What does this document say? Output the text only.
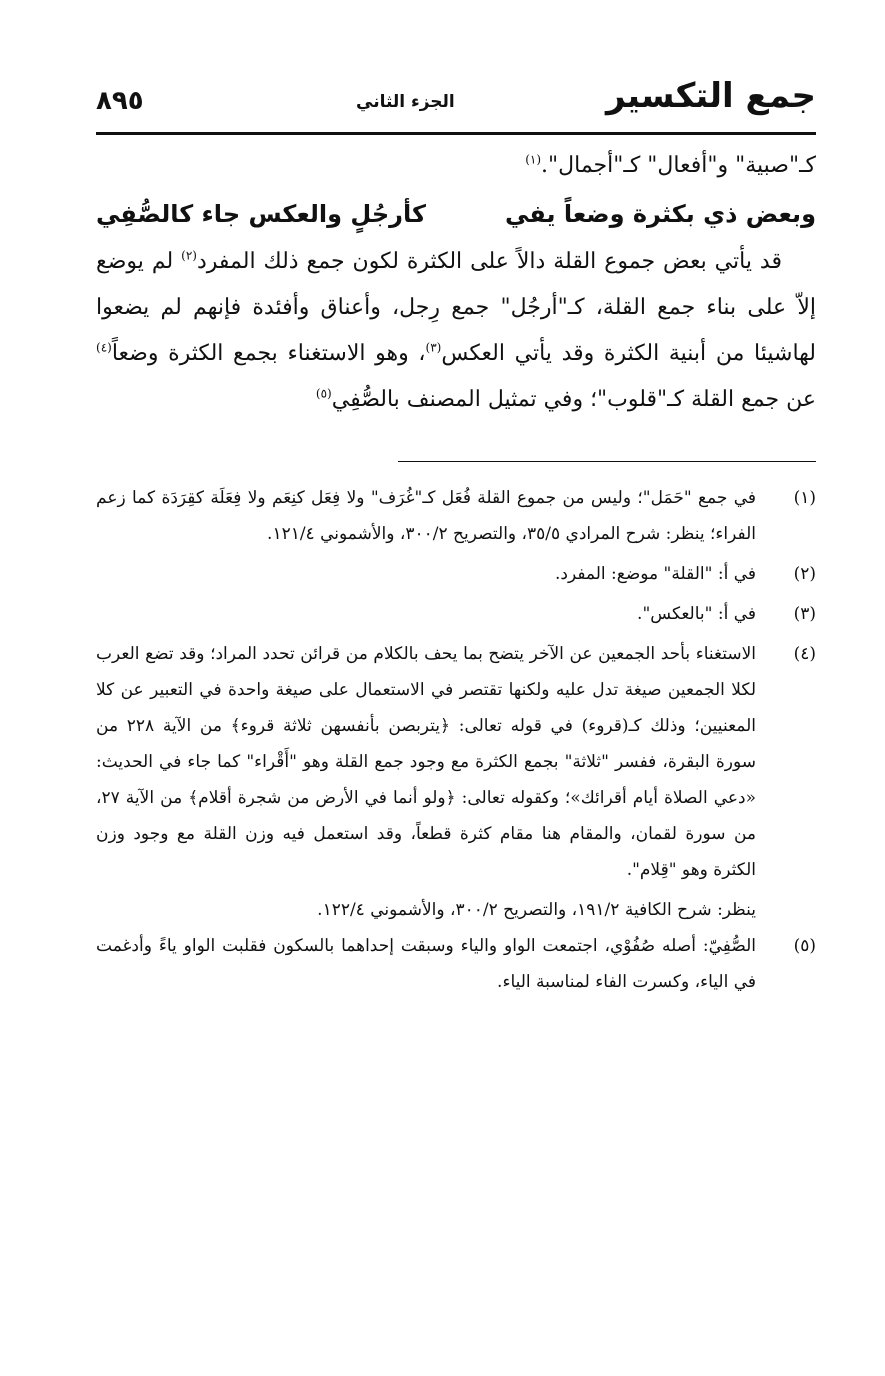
جمع التكسير
الجزء الثاني
٨٩٥
كـ"صبية" و"أفعال" كـ"أجمال".$^{(١)}$
وبعض ذي بكثرة وضعاً يفي
كأرجُلٍ والعكس جاء كالصُّفِي
قد يأتي بعض جموع القلة دالاً على الكثرة لكون جمع ذلك المفرد$^{(٢)}$ لم يوضع إلاّ على بناء جمع القلة، كـ"أرجُل" جمع رِجل، وأعناق وأفئدة فإنهم لم يضعوا لهاشيئا من أبنية الكثرة وقد يأتي العكس$^{(٣)}$، وهو الاستغناء بجمع الكثرة وضعاً$^{(٤)}$ عن جمع القلة كـ"قلوب"؛ وفي تمثيل المصنف بالصُّفِي$^{(٥)}$
(١)
في جمع "حَمَل"؛ وليس من جموع القلة فُعَل كـ"غُرَف" ولا فِعَل كنِعَم ولا فِعَلَة كقِرَدَة كما زعم الفراء؛ ينظر: شرح المرادي ٣٥/٥، والتصريح ٣٠٠/٢، والأشموني ١٢١/٤.
(٢)
في أ: "القلة" موضع: المفرد.
(٣)
في أ: "بالعكس".
(٤)
الاستغناء بأحد الجمعين عن الآخر يتضح بما يحف بالكلام من قرائن تحدد المراد؛ وقد تضع العرب لكلا الجمعين صيغة تدل عليه ولكنها تقتصر في الاستعمال على صيغة واحدة في التعبير عن كلا المعنيين؛ وذلك كـ(قروء) في قوله تعالى: ﴿يتربصن بأنفسهن ثلاثة قروء﴾ من الآية ٢٢٨ من سورة البقرة، ففسر "ثلاثة" بجمع الكثرة مع وجود جمع القلة وهو "أَقْراء" كما جاء في الحديث: «دعي الصلاة أيام أقرائك»؛ وكقوله تعالى: ﴿ولو أنما في الأرض من شجرة أقلام﴾ من الآية ٢٧، من سورة لقمان، والمقام هنا مقام كثرة قطعاً، وقد استعمل فيه وزن القلة مع وجود وزن الكثرة وهو "قِلام".
ينظر: شرح الكافية ١٩١/٢، والتصريح ٣٠٠/٢، والأشموني ١٢٢/٤.
(٥)
الصُّفِيّ: أصله صُفُوْي، اجتمعت الواو والياء وسبقت إحداهما بالسكون فقلبت الواو ياءً وأدغمت في الياء، وكسرت الفاء لمناسبة الياء.
